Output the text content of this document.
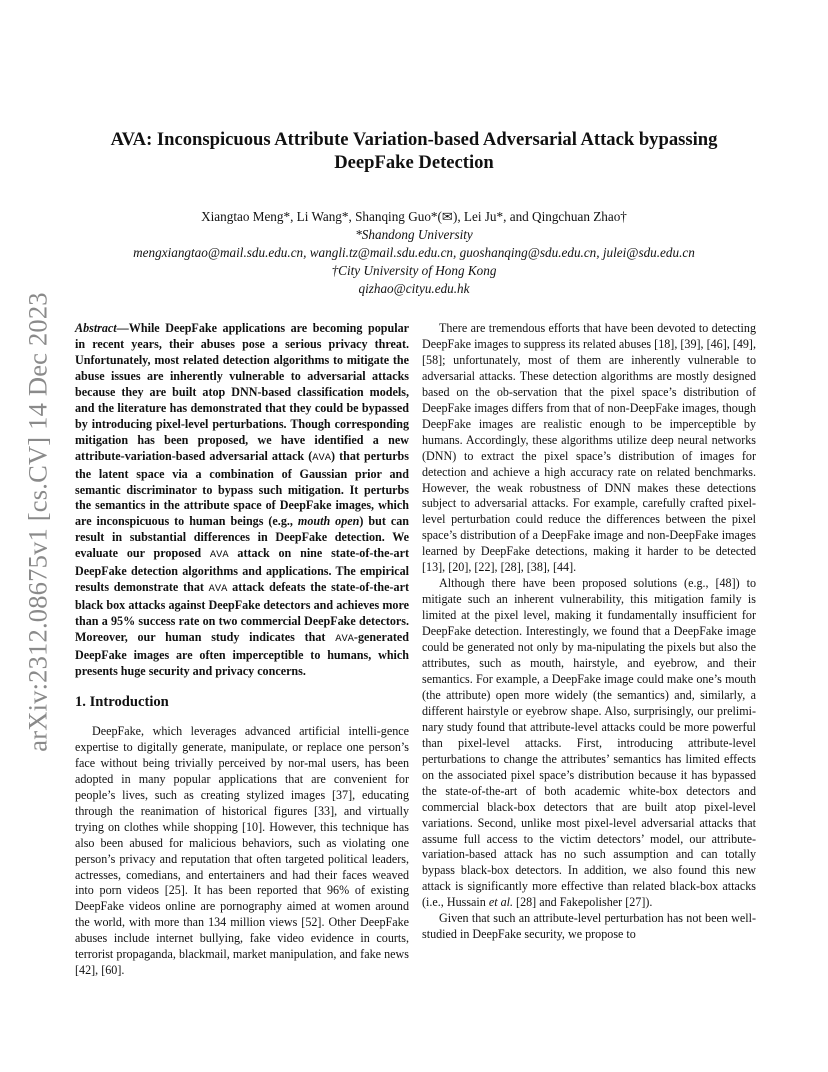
arXiv:2312.08675v1 [cs.CV] 14 Dec 2023
AVA: Inconspicuous Attribute Variation-based Adversarial Attack bypassing
DeepFake Detection
Xiangtao Meng*, Li Wang*, Shanqing Guo*(✉), Lei Ju*, and Qingchuan Zhao†
*Shandong University
mengxiangtao@mail.sdu.edu.cn, wangli.tz@mail.sdu.edu.cn, guoshanqing@sdu.edu.cn, julei@sdu.edu.cn
†City University of Hong Kong
qizhao@cityu.edu.hk

Abstract—While DeepFake applications are becoming popular in recent years, their abuses pose a serious privacy threat. Unfortunately, most related detection algorithms to mitigate the abuse issues are inherently vulnerable to adversarial attacks because they are built atop DNN-based classification models, and the literature has demonstrated that they could be bypassed by introducing pixel-level perturbations. Though corresponding mitigation has been proposed, we have identified a new attribute-variation-based adversarial attack (AVA) that perturbs the latent space via a combination of Gaussian prior and semantic discriminator to bypass such mitigation. It perturbs the semantics in the attribute space of DeepFake images, which are inconspicuous to human beings (e.g., mouth open) but can result in substantial differences in DeepFake detection. We evaluate our proposed AVA attack on nine state-of-the-art DeepFake detection algorithms and applications. The empirical results demonstrate that AVA attack defeats the state-of-the-art black box attacks against DeepFake detectors and achieves more than a 95% success rate on two commercial DeepFake detectors. Moreover, our human study indicates that AVA-generated DeepFake images are often imperceptible to humans, which presents huge security and privacy concerns.

1. Introduction

DeepFake, which leverages advanced artificial intelli-gence expertise to digitally generate, manipulate, or replace one person’s face without being trivially perceived by nor-mal users, has been adopted in many popular applications that are convenient for people’s lives, such as creating stylized images [37], educating through the reanimation of historical figures [33], and virtually trying on clothes while shopping [10]. However, this technique has also been abused for malicious behaviors, such as violating one person’s privacy and reputation that often targeted political leaders, actresses, comedians, and entertainers and had their faces weaved into porn videos [25]. It has been reported that 96% of existing DeepFake videos online are pornography aimed at women around the world, with more than 134 million views [52]. Other DeepFake abuses include internet bullying, fake video evidence in courts, terrorist propaganda, blackmail, market manipulation, and fake news [42], [60].

There are tremendous efforts that have been devoted to detecting DeepFake images to suppress its related abuses [18], [39], [46], [49], [58]; unfortunately, most of them are inherently vulnerable to adversarial attacks. These detection algorithms are mostly designed based on the ob-servation that the pixel space’s distribution of DeepFake images differs from that of non-DeepFake images, though DeepFake images are realistic enough to be imperceptible by humans. Accordingly, these algorithms utilize deep neural networks (DNN) to extract the pixel space’s distribution of images for detection and achieve a high accuracy rate on related benchmarks. However, the weak robustness of DNN makes these detections subject to adversarial attacks. For example, carefully crafted pixel-level perturbation could reduce the differences between the pixel space’s distribution of a DeepFake image and non-DeepFake images learned by DeepFake detections, making it harder to be detected [13], [20], [22], [28], [38], [44].

Although there have been proposed solutions (e.g., [48]) to mitigate such an inherent vulnerability, this mitigation family is limited at the pixel level, making it fundamentally insufficient for DeepFake detection. Interestingly, we found that a DeepFake image could be generated not only by ma-nipulating the pixels but also the attributes, such as mouth, hairstyle, and eyebrow, and their semantics. For example, a DeepFake image could make one’s mouth (the attribute) open more widely (the semantics) and, similarly, a different hairstyle or eyebrow shape. Also, surprisingly, our prelimi-nary study found that attribute-level attacks could be more powerful than pixel-level attacks. First, introducing attribute-level perturbations to change the attributes’ semantics has limited effects on the associated pixel space’s distribution because it has bypassed the state-of-the-art of both academic white-box detectors and commercial black-box detectors that are built atop pixel-level variations. Second, unlike most pixel-level adversarial attacks that assume full access to the victim detectors’ model, our attribute-variation-based attack has no such assumption and can totally bypass black-box detectors. In addition, we also found this new attack is significantly more effective than related black-box attacks (i.e., Hussain et al. [28] and Fakepolisher [27]).

Given that such an attribute-level perturbation has not been well-studied in DeepFake security, we propose to
